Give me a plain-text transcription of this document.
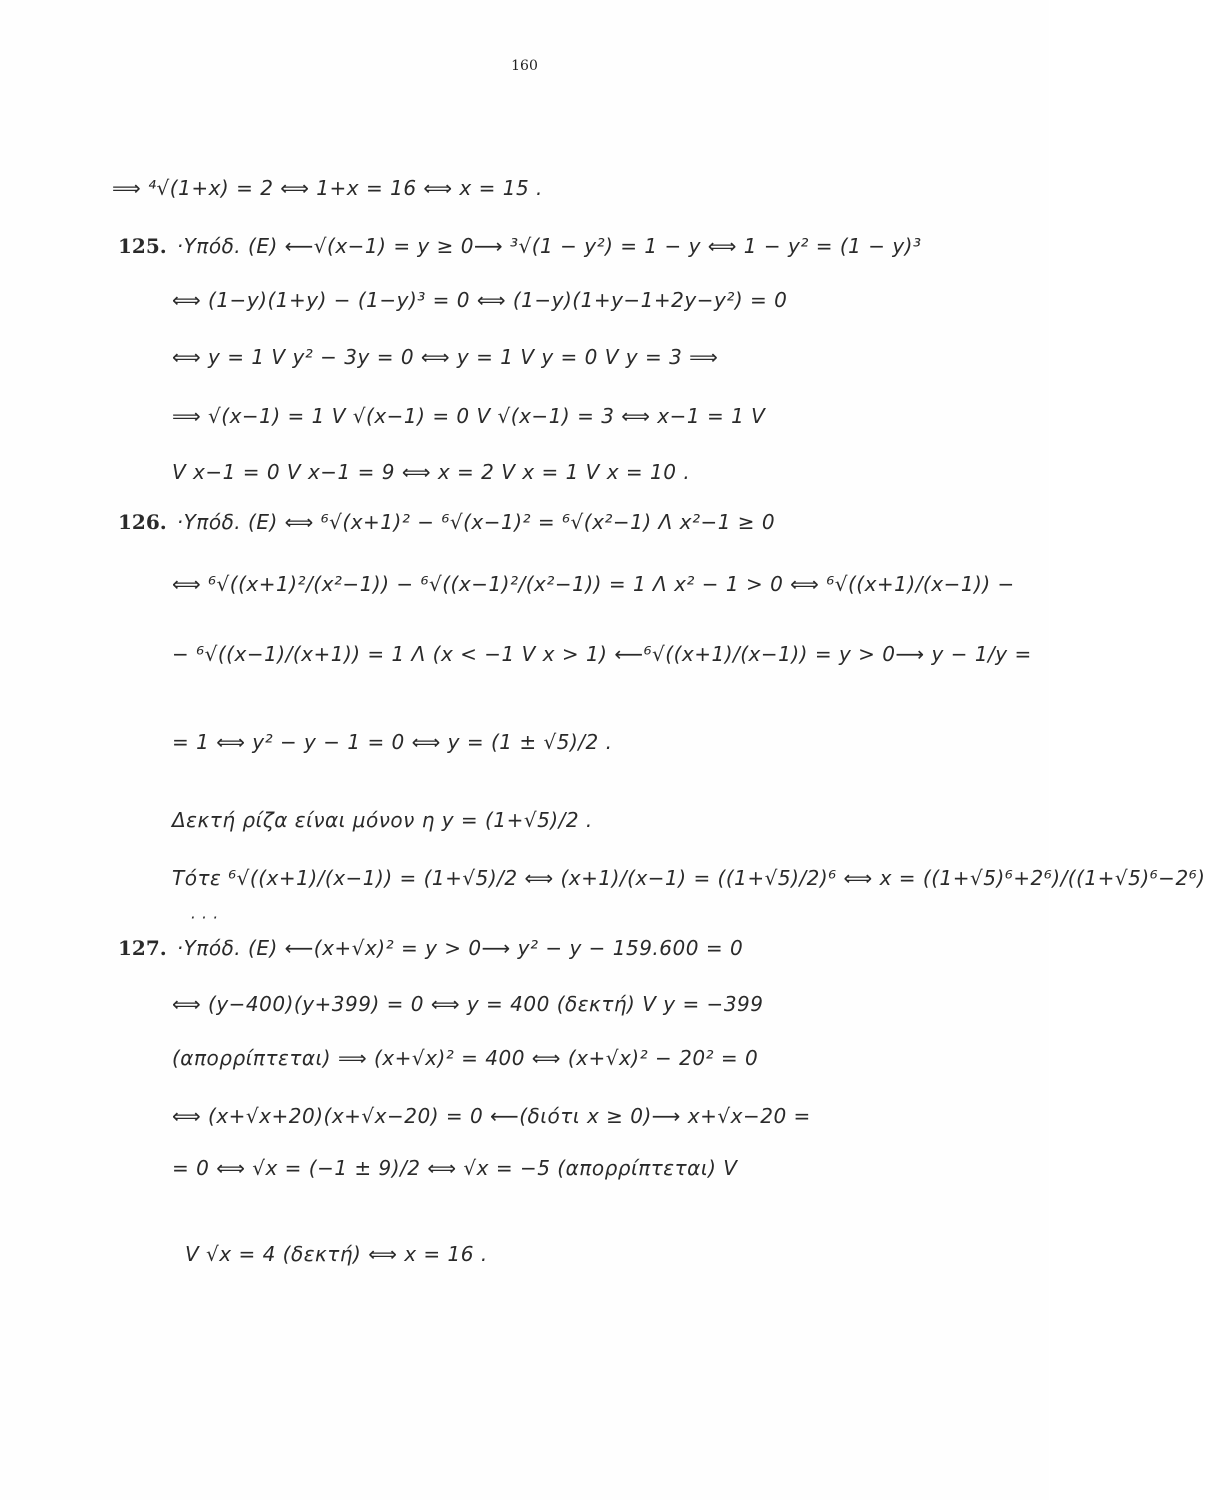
160
⟹ ⁴√(1+x) = 2 ⟺ 1+x = 16 ⟺ x = 15 .
125. ·Υπόδ. (E) ⟵√(x−1) = y ≥ 0⟶ ³√(1 − y²) = 1 − y ⟺ 1 − y² = (1 − y)³
⟺ (1−y)(1+y) − (1−y)³ = 0 ⟺ (1−y)(1+y−1+2y−y²) = 0
⟺ y = 1 V y² − 3y = 0 ⟺ y = 1 V y = 0 V y = 3 ⟹
⟹ √(x−1) = 1 V √(x−1) = 0 V √(x−1) = 3 ⟺ x−1 = 1 V
V x−1 = 0 V x−1 = 9 ⟺ x = 2 V x = 1 V x = 10 .
126. ·Υπόδ. (E) ⟺ ⁶√(x+1)² − ⁶√(x−1)² = ⁶√(x²−1) Λ x²−1 ≥ 0
⟺ ⁶√((x+1)²/(x²−1)) − ⁶√((x−1)²/(x²−1)) = 1 Λ x² − 1 > 0 ⟺ ⁶√((x+1)/(x−1)) −
− ⁶√((x−1)/(x+1)) = 1 Λ (x < −1 V x > 1) ⟵⁶√((x+1)/(x−1)) = y > 0⟶ y − 1/y =
= 1 ⟺ y² − y − 1 = 0 ⟺ y = (1 ± √5)/2 .
Δεκτή ρίζα είναι μόνον η y = (1+√5)/2 .
Τότε ⁶√((x+1)/(x−1)) = (1+√5)/2 ⟺ (x+1)/(x−1) = ((1+√5)/2)⁶ ⟺ x = ((1+√5)⁶+2⁶)/((1+√5)⁶−2⁶)
· · ·
127. ·Υπόδ. (E) ⟵(x+√x)² = y > 0⟶ y² − y − 159.600 = 0
⟺ (y−400)(y+399) = 0 ⟺ y = 400 (δεκτή) V y = −399
(απορρίπτεται) ⟹ (x+√x)² = 400 ⟺ (x+√x)² − 20² = 0
⟺ (x+√x+20)(x+√x−20) = 0 ⟵(διότι x ≥ 0)⟶ x+√x−20 =
= 0 ⟺ √x = (−1 ± 9)/2 ⟺ √x = −5 (απορρίπτεται) V
V √x = 4 (δεκτή) ⟺ x = 16 .
